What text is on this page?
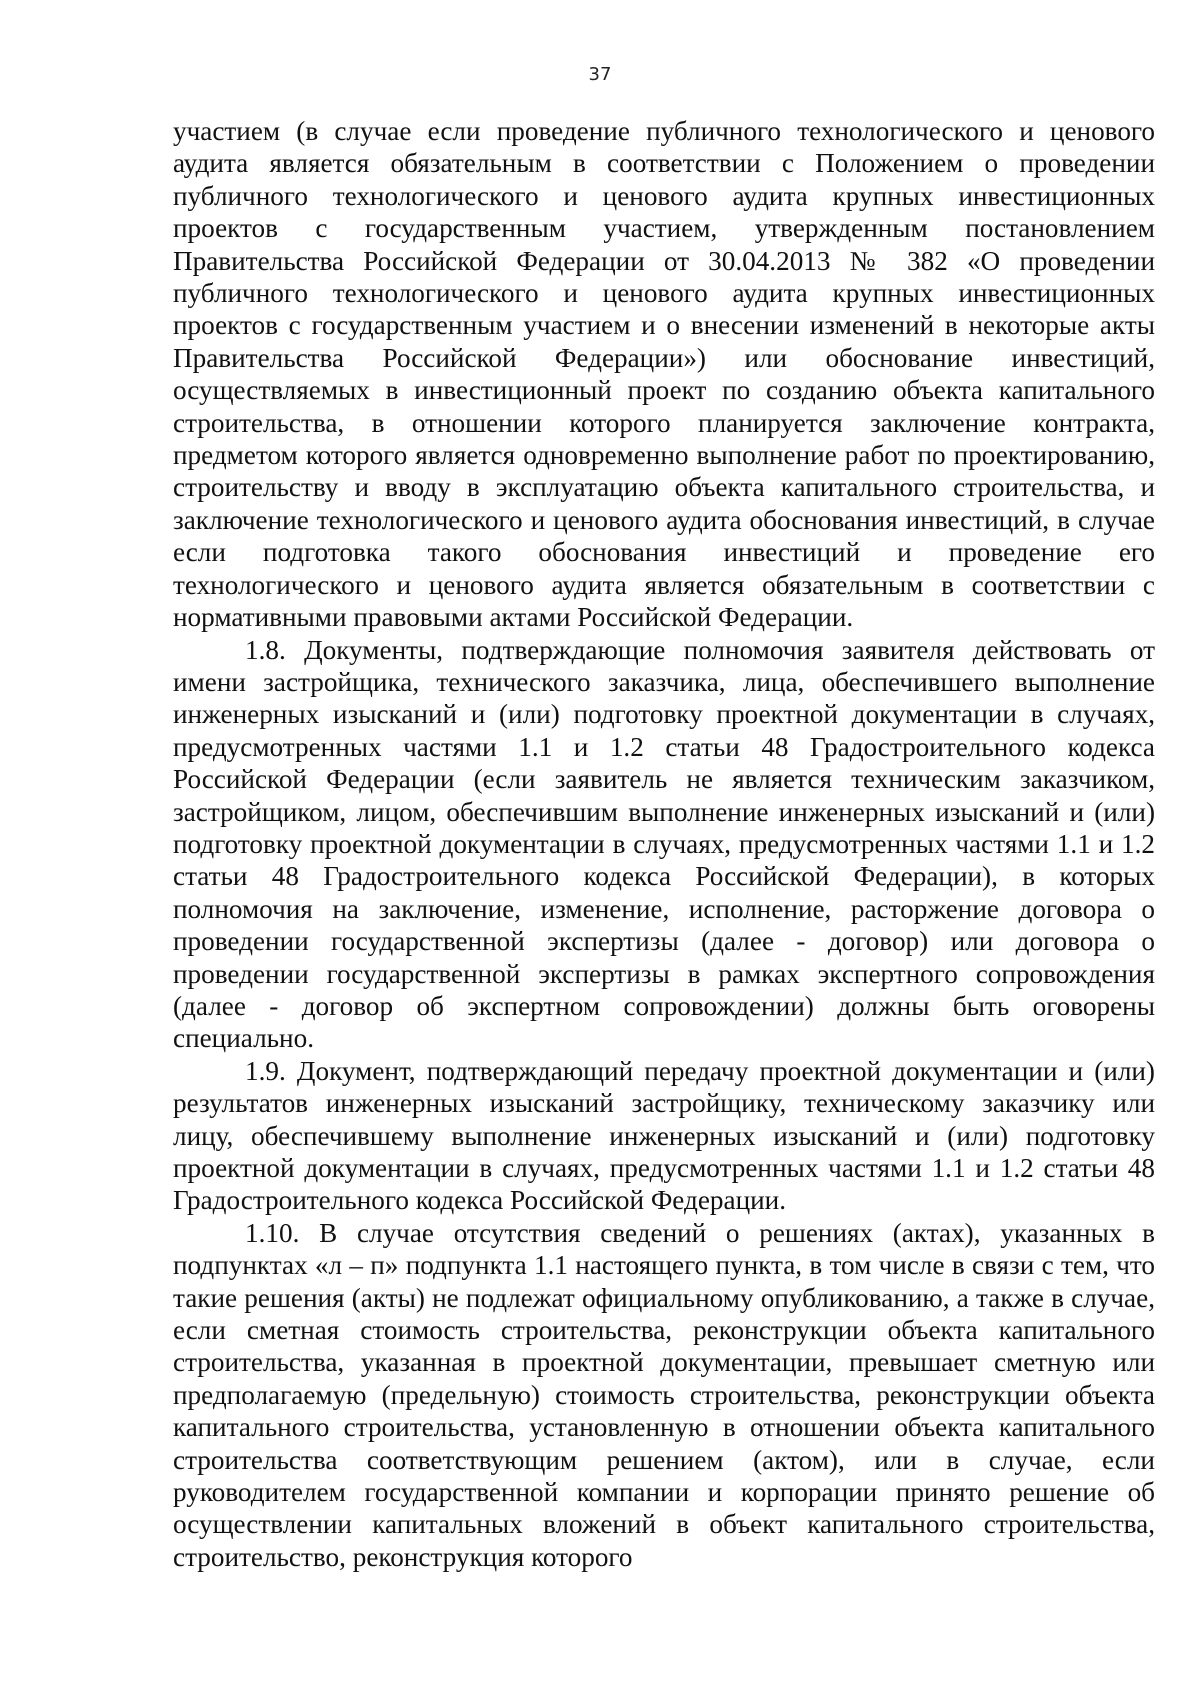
37

участием (в случае если проведение публичного технологического и ценового аудита является обязательным в соответствии с Положением о проведении публичного технологического и ценового аудита крупных инвестиционных проектов с государственным участием, утвержденным постановлением Правительства Российской Федерации от 30.04.2013 № 382 «О проведении публичного технологического и ценового аудита крупных инвестиционных проектов с государственным участием и о внесении изменений в некоторые акты Правительства Российской Федерации») или обоснование инвестиций, осуществляемых в инвестиционный проект по созданию объекта капитального строительства, в отношении которого планируется заключение контракта, предметом которого является одновременно выполнение работ по проектированию, строительству и вводу в эксплуатацию объекта капитального строительства, и заключение технологического и ценового аудита обоснования инвестиций, в случае если подготовка такого обоснования инвестиций и проведение его технологического и ценового аудита является обязательным в соответствии с нормативными правовыми актами Российской Федерации.

1.8. Документы, подтверждающие полномочия заявителя действовать от имени застройщика, технического заказчика, лица, обеспечившего выполнение инженерных изысканий и (или) подготовку проектной документации в случаях, предусмотренных частями 1.1 и 1.2 статьи 48 Градостроительного кодекса Российской Федерации (если заявитель не является техническим заказчиком, застройщиком, лицом, обеспечившим выполнение инженерных изысканий и (или) подготовку проектной документации в случаях, предусмотренных частями 1.1 и 1.2 статьи 48 Градостроительного кодекса Российской Федерации), в которых полномочия на заключение, изменение, исполнение, расторжение договора о проведении государственной экспертизы (далее - договор) или договора о проведении государственной экспертизы в рамках экспертного сопровождения (далее - договор об экспертном сопровождении) должны быть оговорены специально.

1.9. Документ, подтверждающий передачу проектной документации и (или) результатов инженерных изысканий застройщику, техническому заказчику или лицу, обеспечившему выполнение инженерных изысканий и (или) подготовку проектной документации в случаях, предусмотренных частями 1.1 и 1.2 статьи 48 Градостроительного кодекса Российской Федерации.

1.10. В случае отсутствия сведений о решениях (актах), указанных в подпунктах «л – п» подпункта 1.1 настоящего пункта, в том числе в связи с тем, что такие решения (акты) не подлежат официальному опубликованию, а также в случае, если сметная стоимость строительства, реконструкции объекта капитального строительства, указанная в проектной документации, превышает сметную или предполагаемую (предельную) стоимость строительства, реконструкции объекта капитального строительства, установленную в отношении объекта капитального строительства соответствующим решением (актом), или в случае, если руководителем государственной компании и корпорации принято решение об осуществлении капитальных вложений в объект капитального строительства, строительство, реконструкция которого
